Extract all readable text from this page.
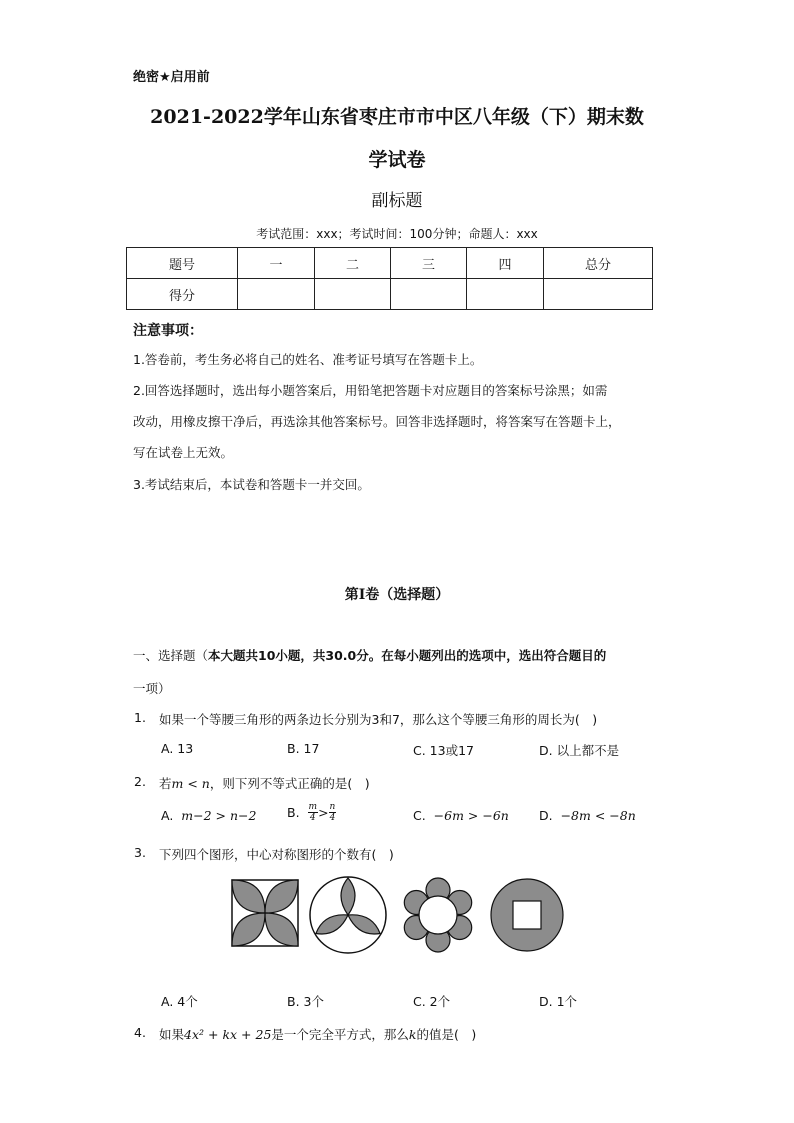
绝密★启用前
2021-2022学年山东省枣庄市市中区八年级（下）期末数
学试卷
副标题
考试范围：xxx；考试时间：100分钟；命题人：xxx
题号	一	二	三	四	总分
得分					
注意事项：
1.答卷前，考生务必将自己的姓名、准考证号填写在答题卡上。
2.回答选择题时，选出每小题答案后，用铅笔把答题卡对应题目的答案标号涂黑；如需
改动，用橡皮擦干净后，再选涂其他答案标号。回答非选择题时，将答案写在答题卡上，
写在试卷上无效。
3.考试结束后，本试卷和答题卡一并交回。
第I卷（选择题）
一、选择题（本大题共10小题，共30.0分。在每小题列出的选项中，选出符合题目的
一项）
1. 如果一个等腰三角形的两条边长分别为3和7，那么这个等腰三角形的周长为(　)
A. 13	B. 17	C. 13或17	D. 以上都不是
2. 若m < n，则下列不等式正确的是(　)
A. m−2 > n−2 B. $\frac{m}{4} > \frac{n}{4}$	C. −6m > −6n D. −8m < −8n
3. 下列四个图形，中心对称图形的个数有(　)
A. 4个	B. 3个	C. 2个	D. 1个
4. 如果4x² + kx + 25是一个完全平方式，那么k的值是(　)
